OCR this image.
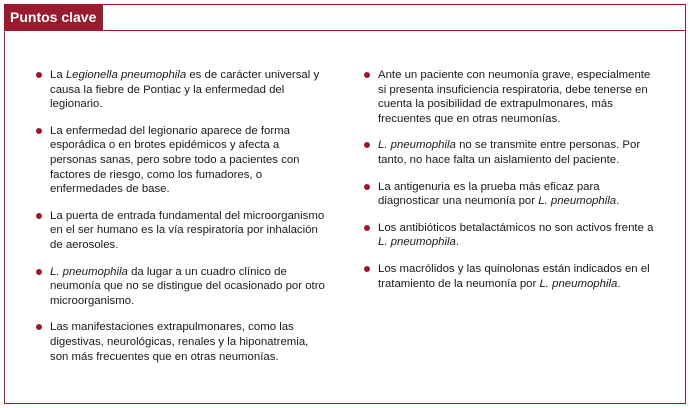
Puntos clave
La Legionella pneumophila es de carácter universal y causa la fiebre de Pontiac y la enfermedad del legionario.
La enfermedad del legionario aparece de forma esporádica o en brotes epidémicos y afecta a personas sanas, pero sobre todo a pacientes con factores de riesgo, como los fumadores, o enfermedades de base.
La puerta de entrada fundamental del microorganismo en el ser humano es la vía respiratoria por inhalación de aerosoles.
L. pneumophila da lugar a un cuadro clínico de neumonía que no se distingue del ocasionado por otro microorganismo.
Las manifestaciones extrapulmonares, como las digestivas, neurológicas, renales y la hiponatremia, son más frecuentes que en otras neumonías.
Ante un paciente con neumonía grave, especialmente si presenta insuficiencia respiratoria, debe tenerse en cuenta la posibilidad de extrapulmonares, más frecuentes que en otras neumonías.
L. pneumophila no se transmite entre personas. Por tanto, no hace falta un aislamiento del paciente.
La antigenuria es la prueba más eficaz para diagnosticar una neumonía por L. pneumophila.
Los antibióticos betalactámicos no son activos frente a L. pneumophila.
Los macrólidos y las quinolonas están indicados en el tratamiento de la neumonía por L. pneumophila.
